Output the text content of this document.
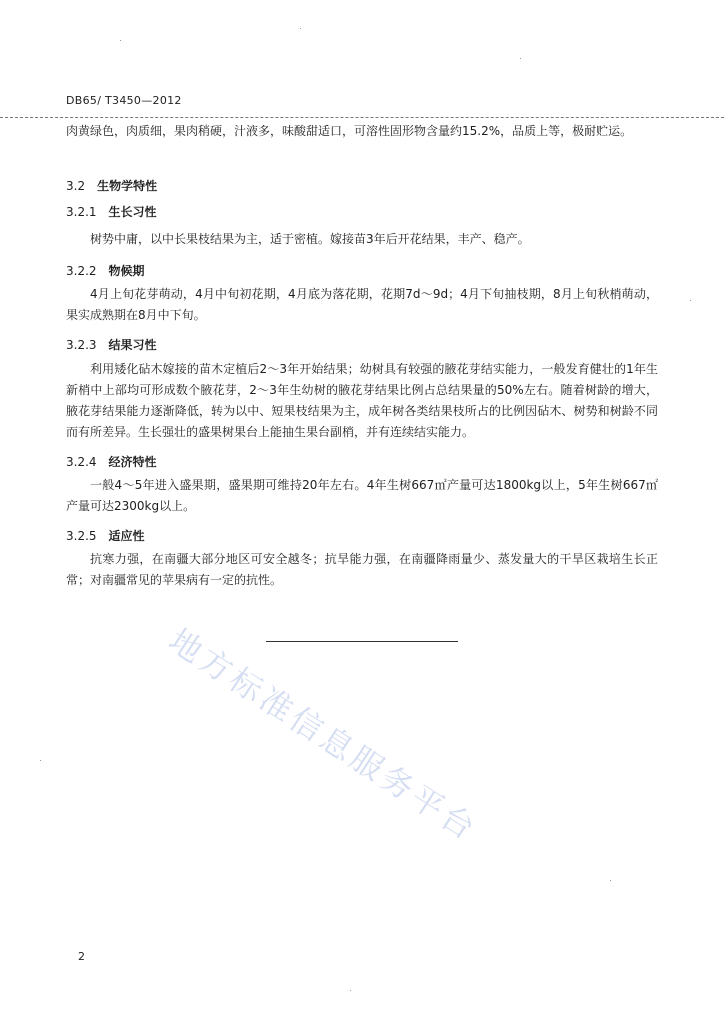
DB65/ T3450—2012
肉黄绿色，肉质细，果肉稍硬，汁液多，味酸甜适口，可溶性固形物含量约15.2%，品质上等，极耐贮运。
3.2 生物学特性
3.2.1 生长习性
树势中庸，以中长果枝结果为主，适于密植。嫁接苗3年后开花结果，丰产、稳产。
3.2.2 物候期
4月上旬花芽萌动，4月中旬初花期，4月底为落花期，花期7d～9d；4月下旬抽枝期，8月上旬秋梢萌动，果实成熟期在8月中下旬。
3.2.3 结果习性
利用矮化砧木嫁接的苗木定植后2～3年开始结果；幼树具有较强的腋花芽结实能力，一般发育健壮的1年生新梢中上部均可形成数个腋花芽，2～3年生幼树的腋花芽结果比例占总结果量的50%左右。随着树龄的增大，腋花芽结果能力逐渐降低，转为以中、短果枝结果为主，成年树各类结果枝所占的比例因砧木、树势和树龄不同而有所差异。生长强壮的盛果树果台上能抽生果台副梢，并有连续结实能力。
3.2.4 经济特性
一般4～5年进入盛果期，盛果期可维持20年左右。4年生树667㎡产量可达1800kg以上，5年生树667㎡产量可达2300kg以上。
3.2.5 适应性
抗寒力强，在南疆大部分地区可安全越冬；抗旱能力强，在南疆降雨量少、蒸发量大的干旱区栽培生长正常；对南疆常见的苹果病有一定的抗性。
地方标准信息服务平台
2
